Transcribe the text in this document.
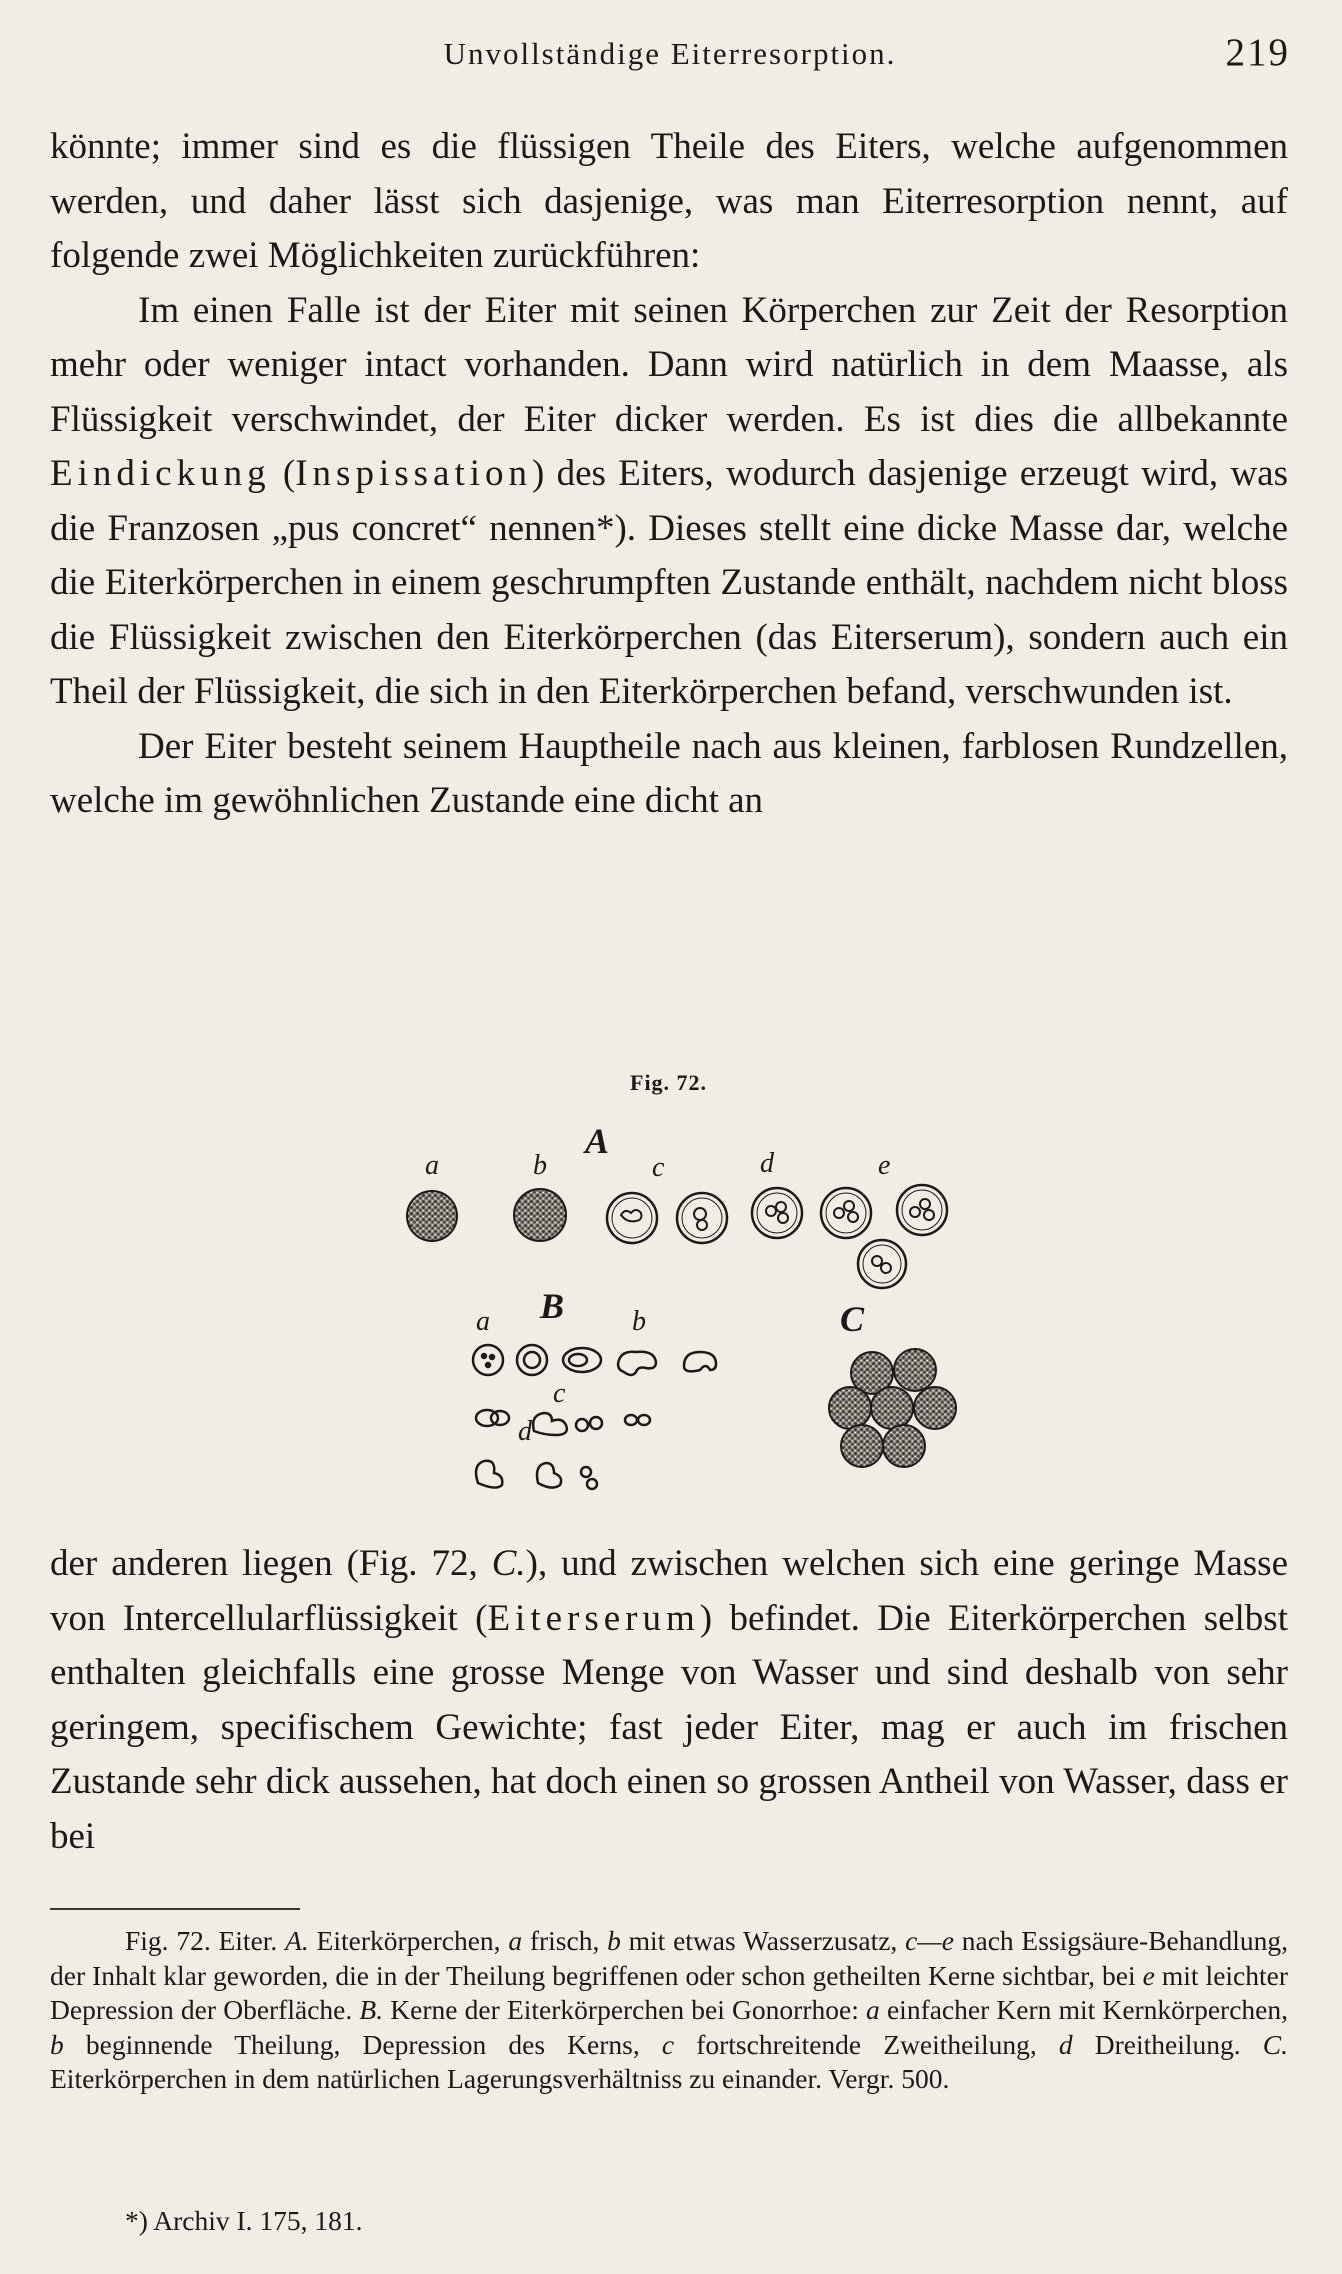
Unvollständige Eiterresorption.	219

könnte; immer sind es die flüssigen Theile des Eiters, welche aufgenommen werden, und daher lässt sich dasjenige, was man Eiterresorption nennt, auf folgende zwei Möglichkeiten zurückführen:

Im einen Falle ist der Eiter mit seinen Körperchen zur Zeit der Resorption mehr oder weniger intact vorhanden. Dann wird natürlich in dem Maasse, als Flüssigkeit verschwindet, der Eiter dicker werden. Es ist dies die allbekannte Eindickung (Inspissation) des Eiters, wodurch dasjenige erzeugt wird, was die Franzosen „pus concret“ nennen*). Dieses stellt eine dicke Masse dar, welche die Eiterkörperchen in einem geschrumpften Zustande enthält, nachdem nicht bloss die Flüssigkeit zwischen den Eiterkörperchen (das Eiterserum), sondern auch ein Theil der Flüssigkeit, die sich in den Eiterkörperchen befand, verschwunden ist.

Der Eiter besteht seinem Hauptheile nach aus kleinen, farblosen Rundzellen, welche im gewöhnlichen Zustande eine dicht an

Fig. 72.
A
a	b	c	d	e
B
a	b
c
d
C

der anderen liegen (Fig. 72, C.), und zwischen welchen sich eine geringe Masse von Intercellularflüssigkeit (Eiterserum) befindet. Die Eiterkörperchen selbst enthalten gleichfalls eine grosse Menge von Wasser und sind deshalb von sehr geringem, specifischem Gewichte; fast jeder Eiter, mag er auch im frischen Zustande sehr dick aussehen, hat doch einen so grossen Antheil von Wasser, dass er bei

Fig. 72. Eiter. A. Eiterkörperchen, a frisch, b mit etwas Wasserzusatz, c—e nach Essigsäure-Behandlung, der Inhalt klar geworden, die in der Theilung begriffenen oder schon getheilten Kerne sichtbar, bei e mit leichter Depression der Oberfläche. B. Kerne der Eiterkörperchen bei Gonorrhoe: a einfacher Kern mit Kernkörperchen, b beginnende Theilung, Depression des Kerns, c fortschreitende Zweitheilung, d Dreitheilung. C. Eiterkörperchen in dem natürlichen Lagerungsverhältniss zu einander. Vergr. 500.

*) Archiv I. 175, 181.
